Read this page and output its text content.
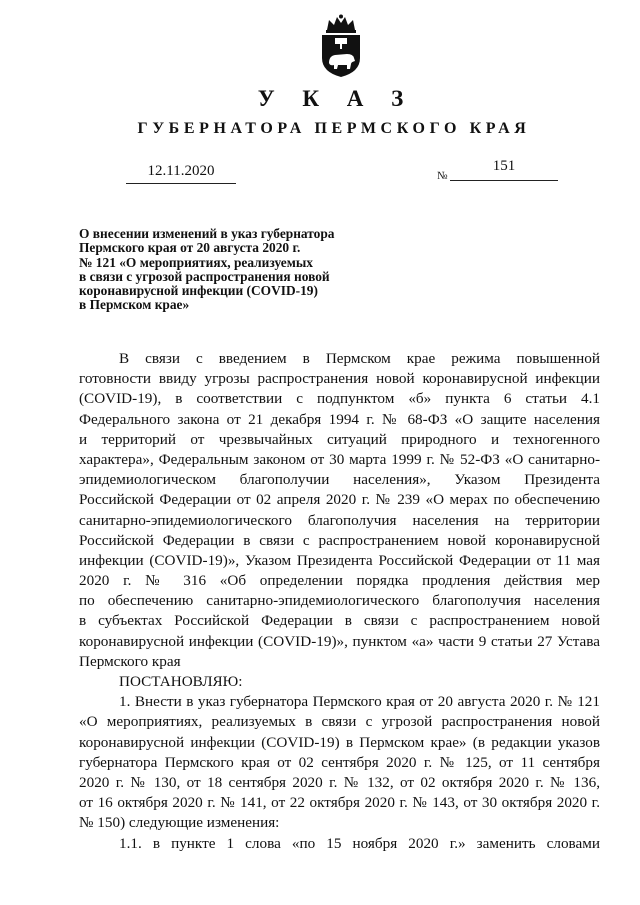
У К А З
ГУБЕРНАТОРА ПЕРМСКОГО КРАЯ
12.11.2020	№
151
О внесении изменений в указ губернатора
Пермского края от 20 августа 2020 г.
№ 121 «О мероприятиях, реализуемых
в связи с угрозой распространения новой
коронавирусной инфекции (COVID-19)
в Пермском крае»
В связи с введением в Пермском крае режима повышенной
готовности ввиду угрозы распространения новой коронавирусной инфекции
(COVID-19), в соответствии с подпунктом «б» пункта 6 статьи 4.1
Федерального закона от 21 декабря 1994 г. № 68-ФЗ «О защите населения
и территорий от чрезвычайных ситуаций природного и техногенного
характера», Федеральным законом от 30 марта 1999 г. № 52-ФЗ «О санитарно-
эпидемиологическом благополучии населения», Указом Президента
Российской Федерации от 02 апреля 2020 г. № 239 «О мерах по обеспечению
санитарно-эпидемиологического благополучия населения на территории
Российской Федерации в связи с распространением новой коронавирусной
инфекции (COVID-19)», Указом Президента Российской Федерации от 11 мая
2020 г. № 316 «Об определении порядка продления действия мер
по обеспечению санитарно-эпидемиологического благополучия населения
в субъектах Российской Федерации в связи с распространением новой
коронавирусной инфекции (COVID-19)», пунктом «а» части 9 статьи 27 Устава
Пермского края
ПОСТАНОВЛЯЮ:
1. Внести в указ губернатора Пермского края от 20 августа 2020 г. № 121
«О мероприятиях, реализуемых в связи с угрозой распространения новой
коронавирусной инфекции (COVID-19) в Пермском крае» (в редакции указов
губернатора Пермского края от 02 сентября 2020 г. № 125, от 11 сентября
2020 г. № 130, от 18 сентября 2020 г. № 132, от 02 октября 2020 г. № 136,
от 16 октября 2020 г. № 141, от 22 октября 2020 г. № 143, от 30 октября 2020 г.
№ 150) следующие изменения:
1.1. в пункте 1 слова «по 15 ноября 2020 г.» заменить словами
